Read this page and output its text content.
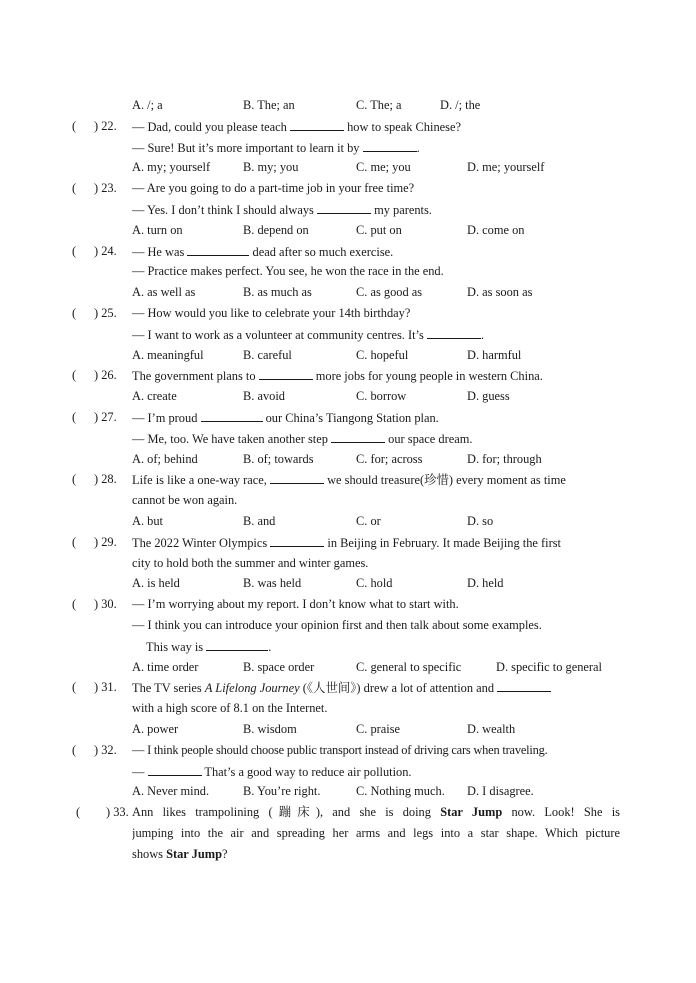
A. /; a	B. The; an	C. The; a	D. /; the
( ) 22. — Dad, could you please teach	how to speak Chinese?
— Sure! But it’s more important to learn it by	.
A. my; yourself	B. my; you	C. me; you	D. me; yourself
( ) 23. — Are you going to do a part-time job in your free time?
— Yes. I don’t think I should always	my parents.
A. turn on	B. depend on	C. put on	D. come on
( ) 24. — He was	dead after so much exercise.
— Practice makes perfect. You see, he won the race in the end.
A. as well as	B. as much as	C. as good as	D. as soon as
( ) 25. — How would you like to celebrate your 14th birthday?
— I want to work as a volunteer at community centres. It’s	.
A. meaningful	B. careful	C. hopeful	D. harmful
( ) 26. The government plans to	more jobs for young people in western China.
A. create	B. avoid	C. borrow	D. guess
( ) 27. — I’m proud	our China’s Tiangong Station plan.
— Me, too. We have taken another step	our space dream.
A. of; behind	B. of; towards	C. for; across	D. for; through
( ) 28. Life is like a one-way race,	we should treasure(珍惜) every moment as time
cannot be won again.
A. but	B. and	C. or	D. so
( ) 29. The 2022 Winter Olympics	in Beijing in February. It made Beijing the first
city to hold both the summer and winter games.
A. is held	B. was held	C. hold	D. held
( ) 30. — I’m worrying about my report. I don’t know what to start with.
— I think you can introduce your opinion first and then talk about some examples.
This way is	.
A. time order	B. space order	C. general to specific	D. specific to general
( ) 31. The TV series A Lifelong Journey (《人世间》) drew a lot of attention and
with a high score of 8.1 on the Internet.
A. power	B. wisdom	C. praise	D. wealth
( ) 32. — I think people should choose public transport instead of driving cars when traveling.
—	That’s a good way to reduce air pollution.
A. Never mind.	B. You’re right.	C. Nothing much. D. I disagree.
( ) 33. Ann likes trampolining (蹦床), and she is doing Star Jump now. Look! She is
jumping into the air and spreading her arms and legs into a star shape. Which picture
shows Star Jump?
